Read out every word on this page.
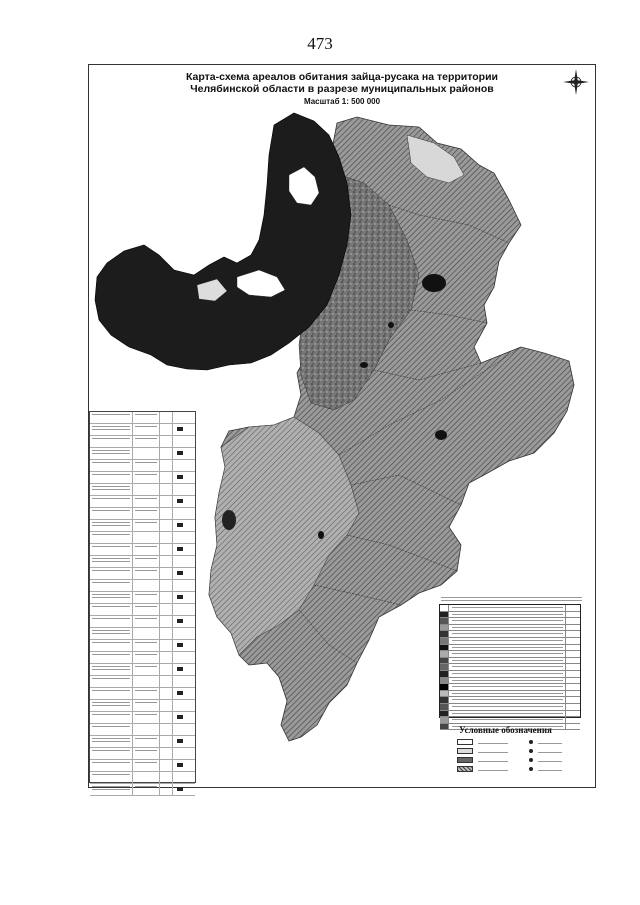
473
Карта-схема ареалов обитания зайца-русака на территории
Челябинской области в разрезе муниципальных районов
Масштаб 1: 500 000
Условные обозначения
